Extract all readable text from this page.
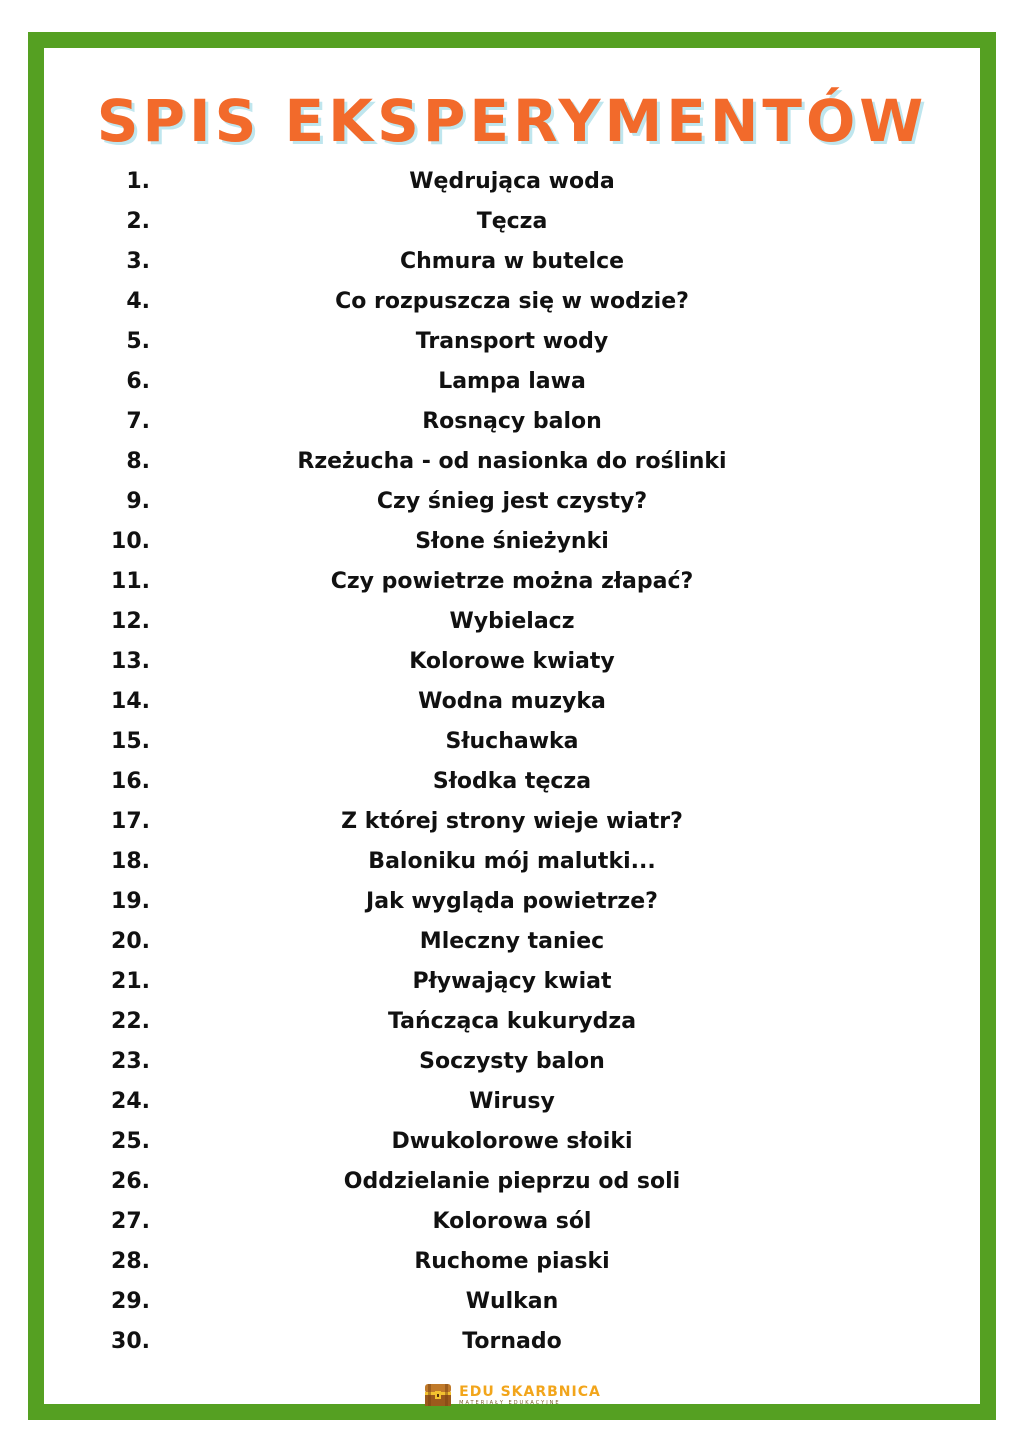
SPIS EKSPERYMENTÓW
1.	Wędrująca woda
2.	Tęcza
3.	Chmura w butelce
4.	Co rozpuszcza się w wodzie?
5.	Transport wody
6.	Lampa lawa
7.	Rosnący balon
8.	Rzeżucha - od nasionka do roślinki
9.	Czy śnieg jest czysty?
10.	Słone śnieżynki
11.	Czy powietrze można złapać?
12.	Wybielacz
13.	Kolorowe kwiaty
14.	Wodna muzyka
15.	Słuchawka
16.	Słodka tęcza
17.	Z której strony wieje wiatr?
18.	Baloniku mój malutki...
19.	Jak wygląda powietrze?
20.	Mleczny taniec
21.	Pływający kwiat
22.	Tańcząca kukurydza
23.	Soczysty balon
24.	Wirusy
25.	Dwukolorowe słoiki
26.	Oddzielanie pieprzu od soli
27.	Kolorowa sól
28.	Ruchome piaski
29.	Wulkan
30.	Tornado
EDU SKARBNICA
MATERIAŁY EDUKACYJNE
